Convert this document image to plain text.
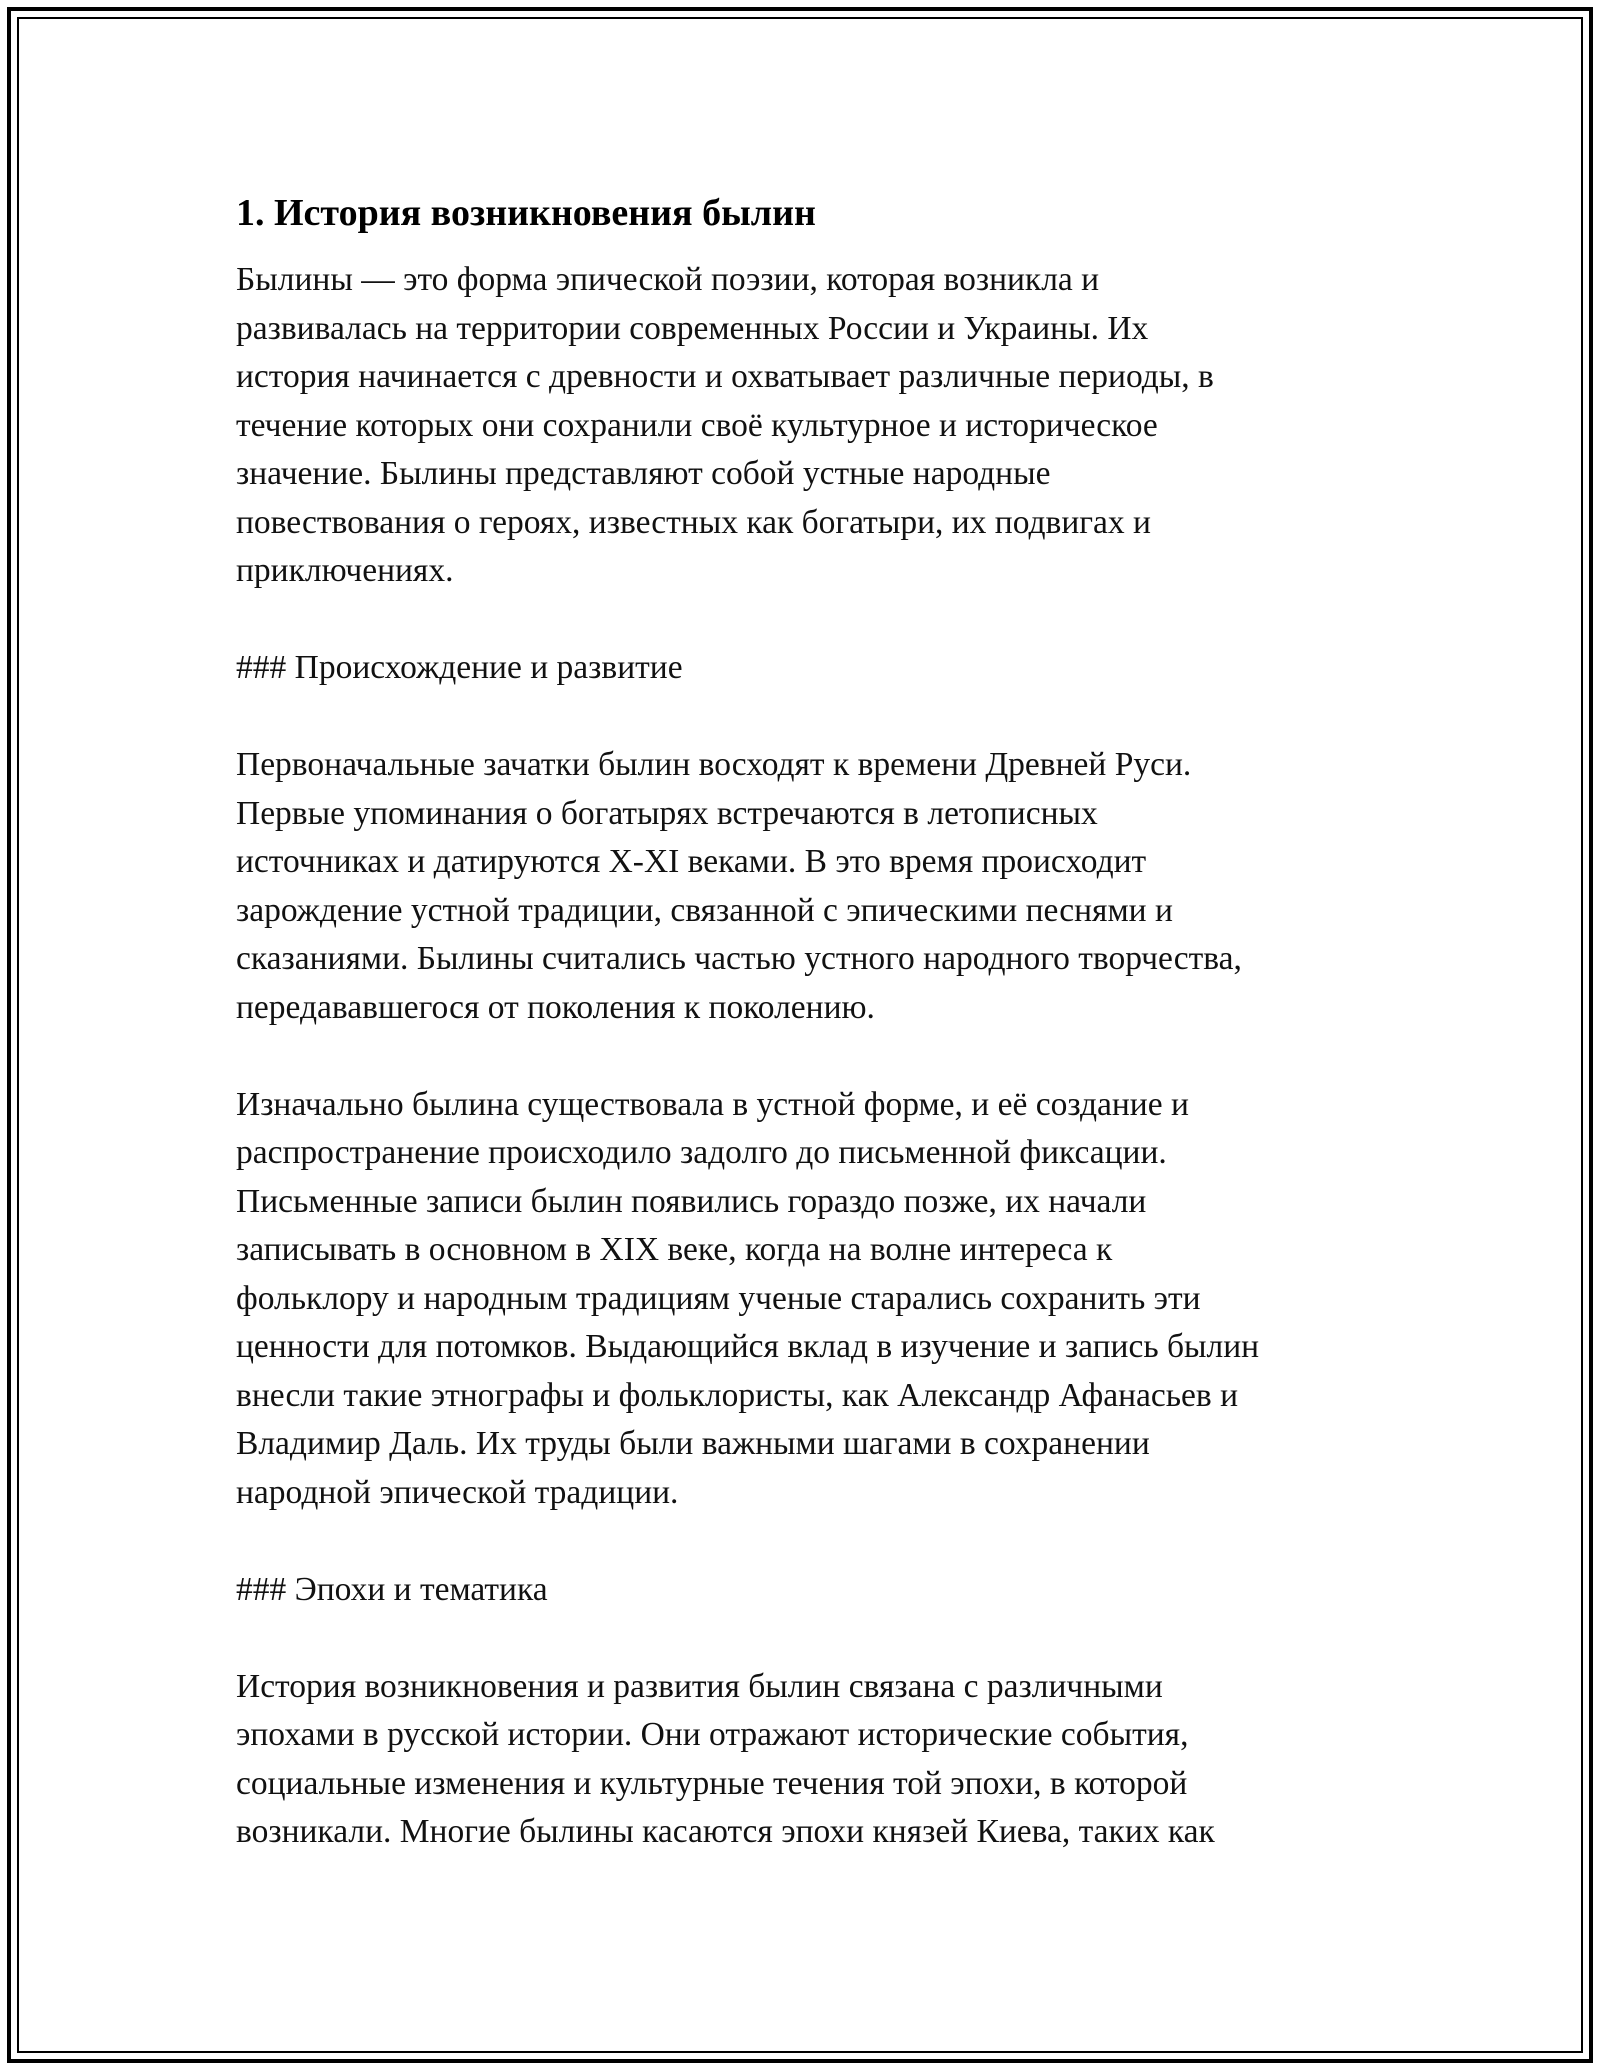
1. История возникновения былин

Былины — это форма эпической поэзии, которая возникла и
развивалась на территории современных России и Украины. Их
история начинается с древности и охватывает различные периоды, в
течение которых они сохранили своё культурное и историческое
значение. Былины представляют собой устные народные
повествования о героях, известных как богатыри, их подвигах и
приключениях.

### Происхождение и развитие

Первоначальные зачатки былин восходят к времени Древней Руси.
Первые упоминания о богатырях встречаются в летописных
источниках и датируются X-XI веками. В это время происходит
зарождение устной традиции, связанной с эпическими песнями и
сказаниями. Былины считались частью устного народного творчества,
передававшегося от поколения к поколению.

Изначально былина существовала в устной форме, и её создание и
распространение происходило задолго до письменной фиксации.
Письменные записи былин появились гораздо позже, их начали
записывать в основном в XIX веке, когда на волне интереса к
фольклору и народным традициям ученые старались сохранить эти
ценности для потомков. Выдающийся вклад в изучение и запись былин
внесли такие этнографы и фольклористы, как Александр Афанасьев и
Владимир Даль. Их труды были важными шагами в сохранении
народной эпической традиции.

### Эпохи и тематика

История возникновения и развития былин связана с различными
эпохами в русской истории. Они отражают исторические события,
социальные изменения и культурные течения той эпохи, в которой
возникали. Многие былины касаются эпохи князей Киева, таких как
